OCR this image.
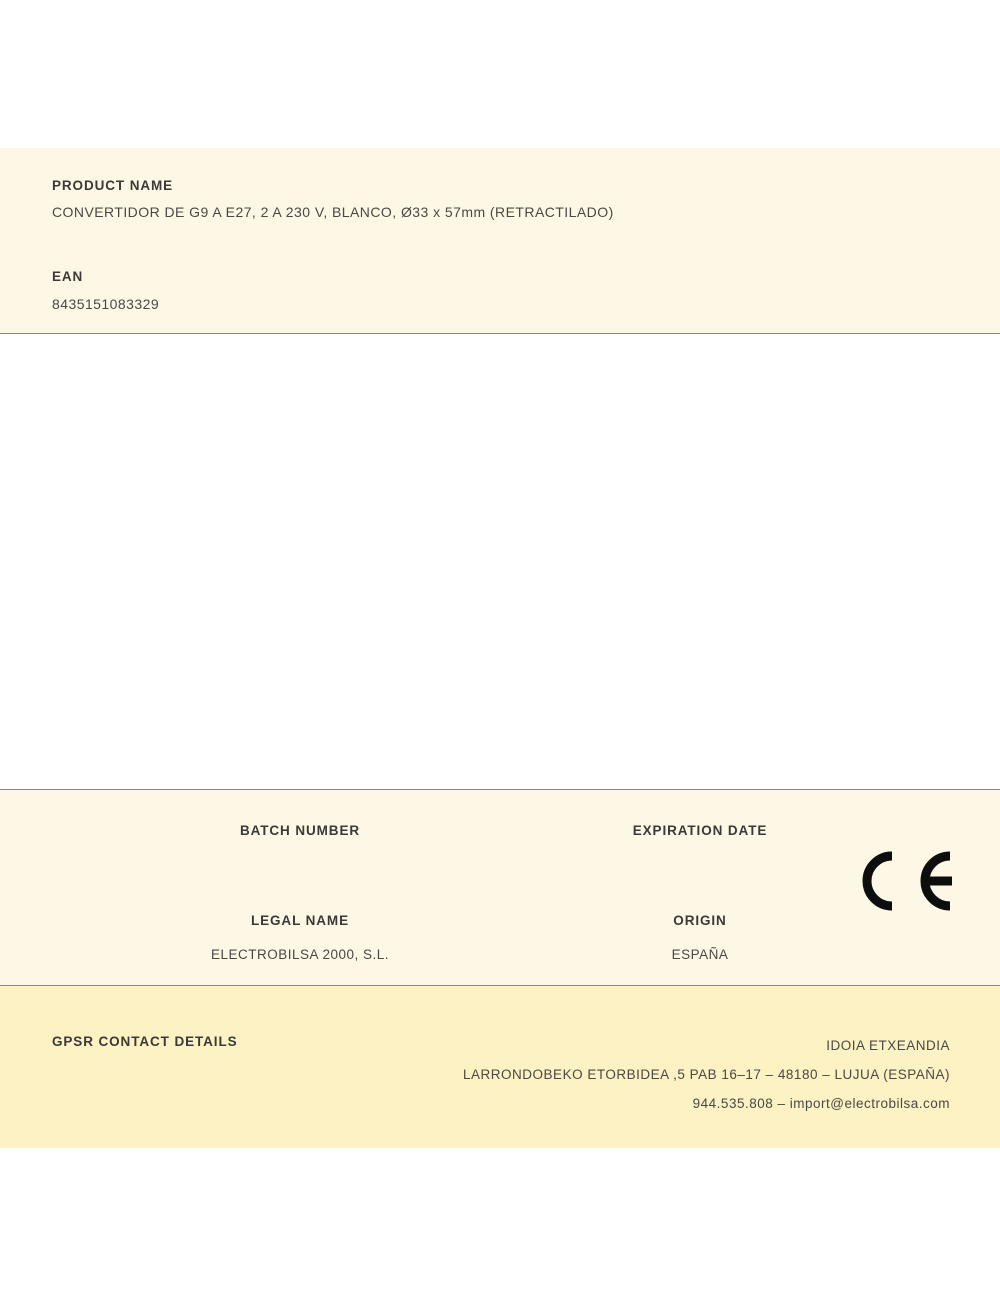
PRODUCT NAME
CONVERTIDOR DE G9 A E27, 2 A 230 V, BLANCO, Ø33 x 57mm (RETRACTILADO)
EAN
8435151083329
BATCH NUMBER	EXPIRATION DATE
LEGAL NAME
ELECTROBILSA 2000, S.L.
ORIGIN
ESPAÑA
GPSR CONTACT DETAILS	IDOIA ETXEANDIA
LARRONDOBEKO ETORBIDEA ,5 PAB 16–17 – 48180 – LUJUA (ESPAÑA)
944.535.808 – import@electrobilsa.com
